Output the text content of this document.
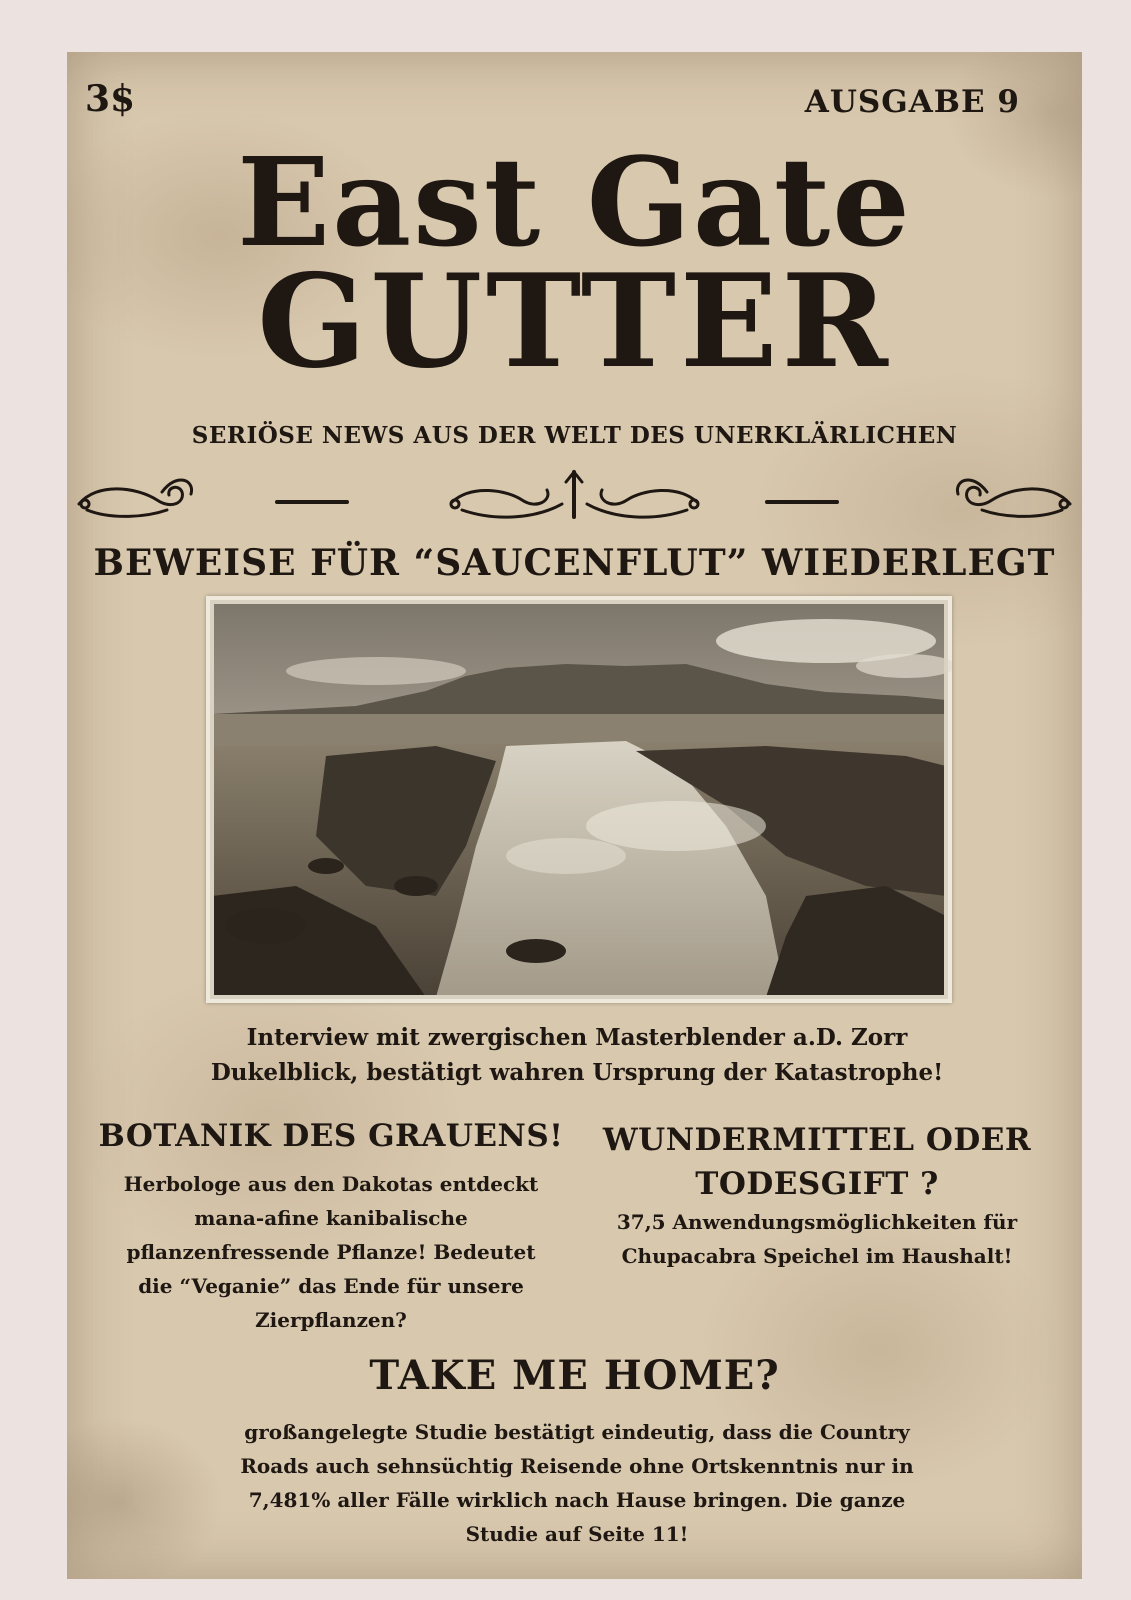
3$	AUSGABE 9
East Gate
GUTTER
SERIÖSE NEWS AUS DER WELT DES UNERKLÄRLICHEN
BEWEISE FÜR “SAUCENFLUT” WIEDERLEGT
Interview mit zwergischen Masterblender a.D. Zorr Dukelblick, bestätigt wahren Ursprung der Katastrophe!
BOTANIK DES GRAUENS!
Herbologe aus den Dakotas entdeckt mana-afine kanibalische pflanzenfressende Pflanze! Bedeutet die “Veganie” das Ende für unsere Zierpflanzen?
WUNDERMITTEL ODER TODESGIFT ?
37,5 Anwendungsmöglichkeiten für Chupacabra Speichel im Haushalt!
TAKE ME HOME?
großangelegte Studie bestätigt eindeutig, dass die Country Roads auch sehnsüchtig Reisende ohne Ortskenntnis nur in 7,481% aller Fälle wirklich nach Hause bringen. Die ganze Studie auf Seite 11!
